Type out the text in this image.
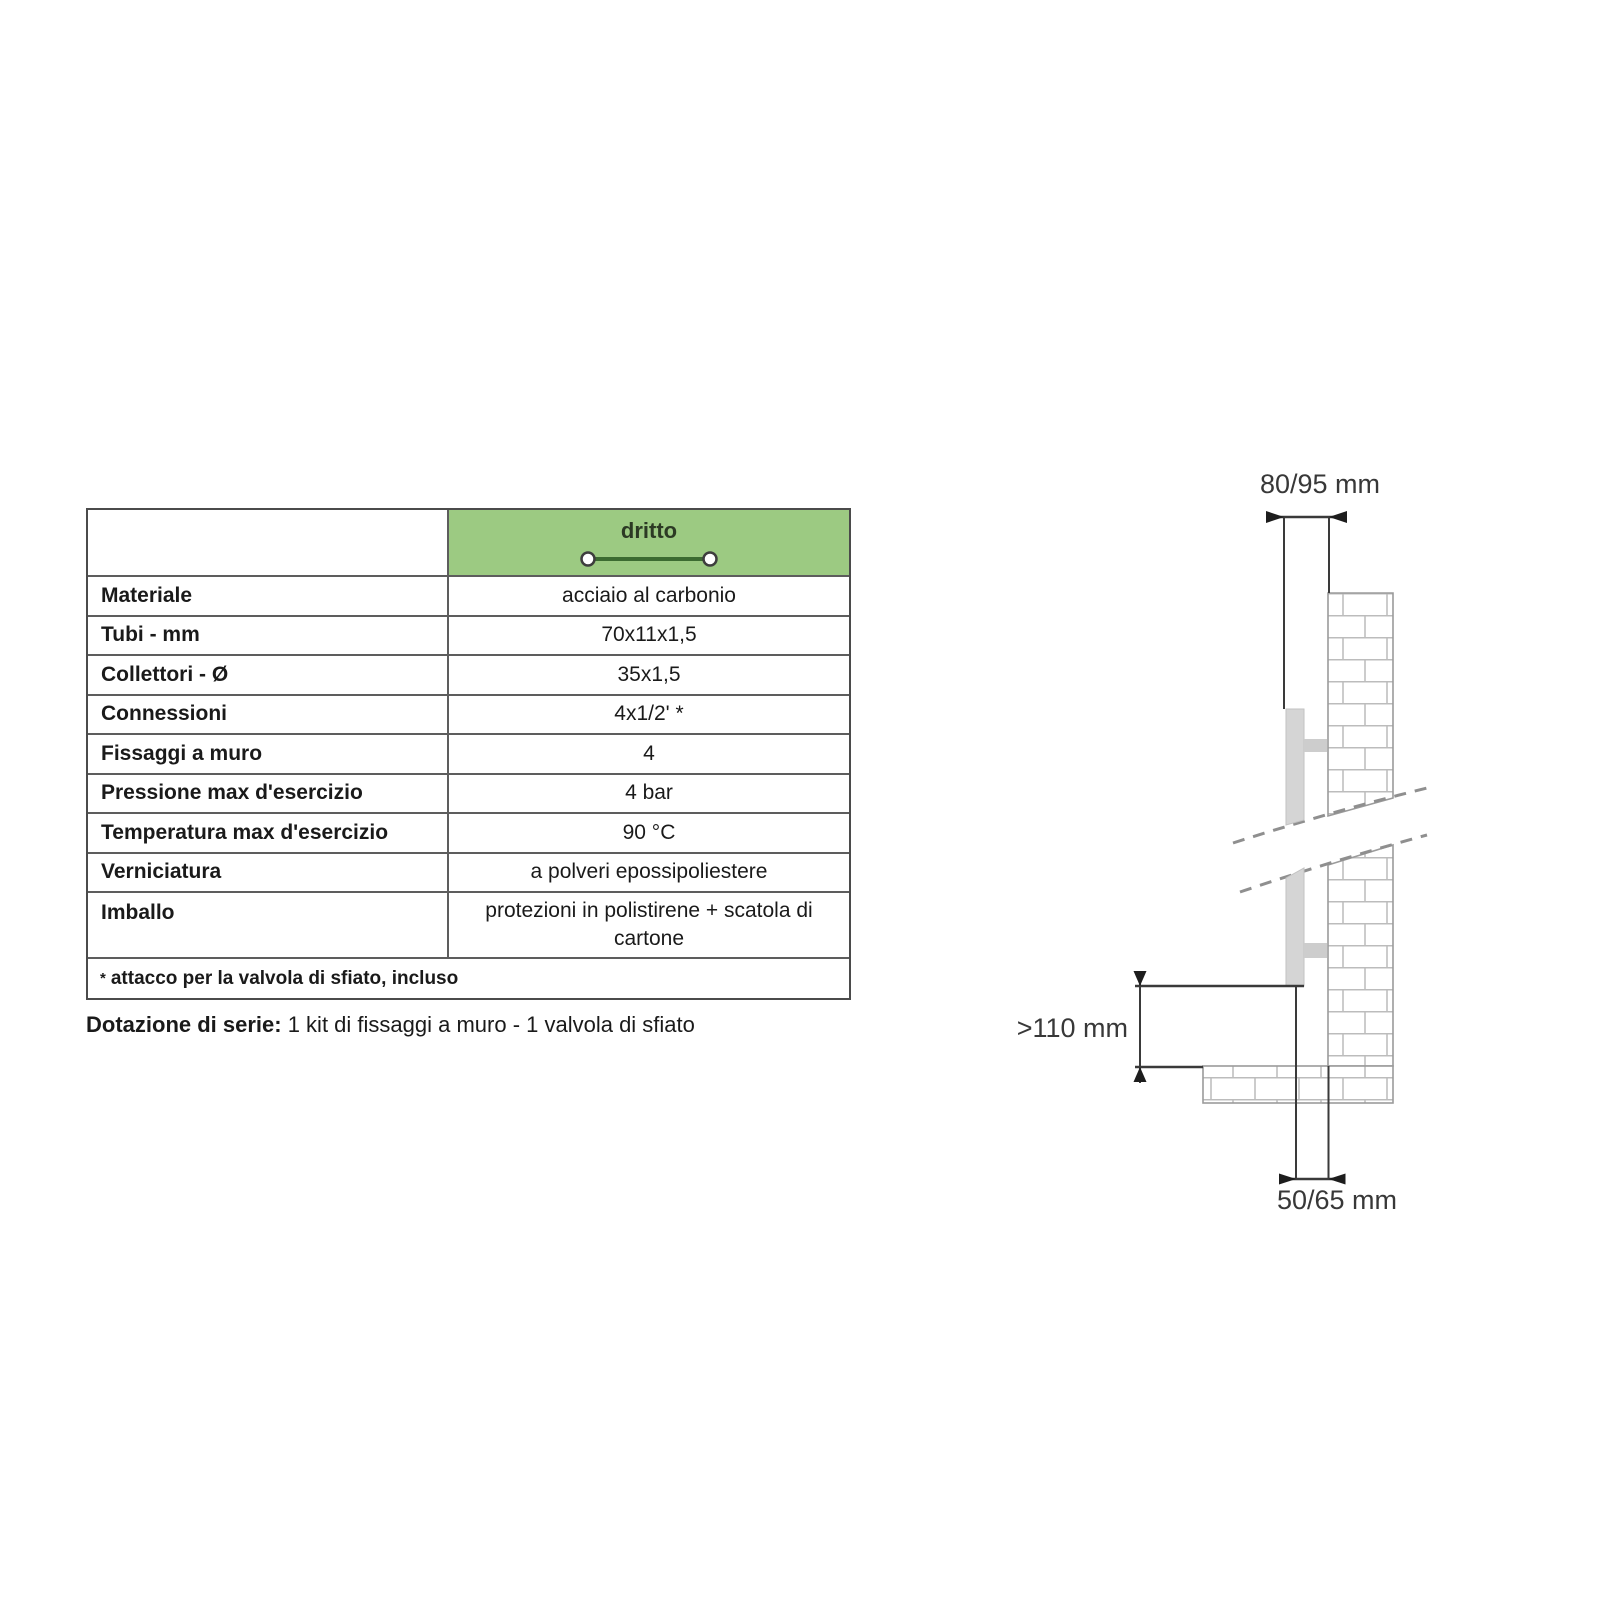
dritto
Materiale	acciaio al carbonio
Tubi - mm	70x11x1,5
Collettori - Ø	35x1,5
Connessioni	4x1/2' *
Fissaggi a muro	4
Pressione max d'esercizio	4 bar
Temperatura max d'esercizio	90 °C
Verniciatura	a polveri epossipoliestere
Imballo	protezioni in polistirene + scatola di cartone
* attacco per la valvola di sfiato, incluso
Dotazione di serie: 1 kit di fissaggi a muro - 1 valvola di sfiato
80/95 mm
>110 mm
50/65 mm
